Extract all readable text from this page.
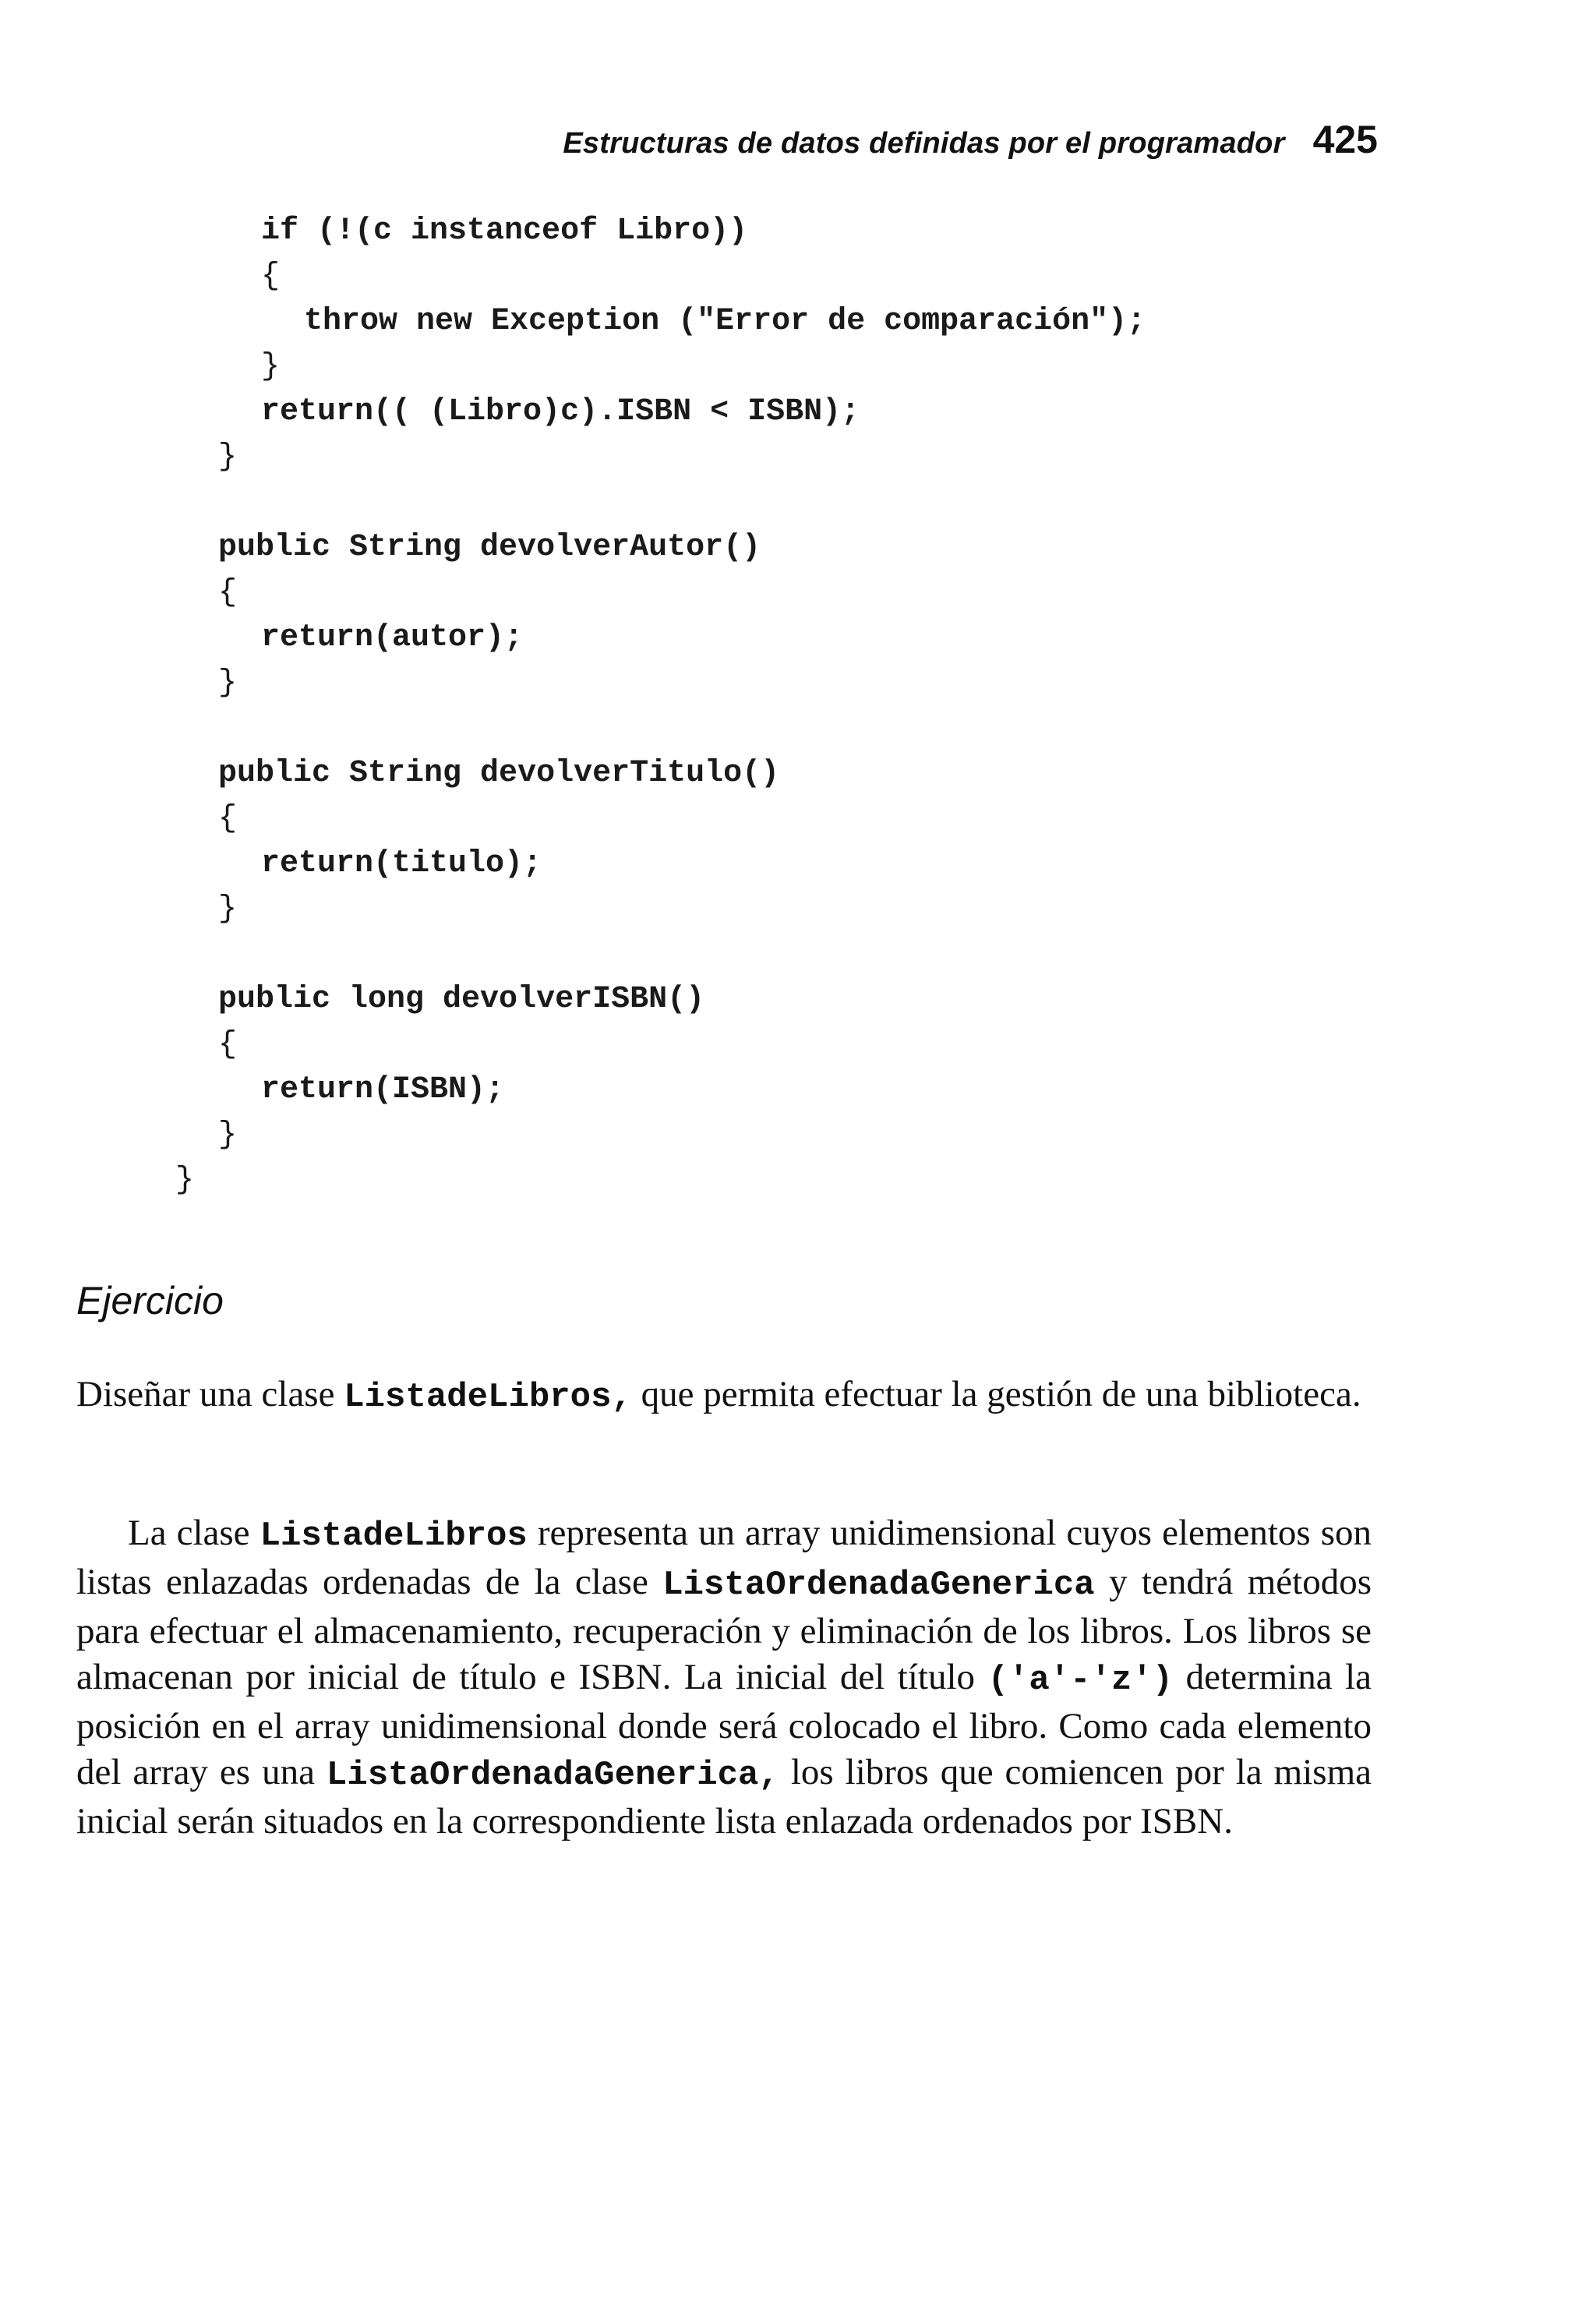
Estructuras de datos definidas por el programador 425
if (!(c instanceof Libro))
{
throw new Exception ("Error de comparación");
}
return(( (Libro)c).ISBN < ISBN);
}
public String devolverAutor()
{
return(autor);
}
public String devolverTitulo()
{
return(titulo);
}
public long devolverISBN()
{
return(ISBN);
}
}
Ejercicio

Diseñar una clase ListadeLibros, que permita efectuar la gestión de una biblioteca.

La clase ListadeLibros representa un array unidimensional cuyos elementos son listas enlazadas ordenadas de la clase ListaOrdenadaGenerica y tendrá métodos para efectuar el almacenamiento, recuperación y eliminación de los libros. Los libros se almacenan por inicial de título e ISBN. La inicial del título ('a'-'z') determina la posición en el array unidimensional donde será colocado el libro. Como cada elemento del array es una ListaOrdenadaGenerica, los libros que comiencen por la misma inicial serán situados en la correspondiente lista enlazada ordenados por ISBN.
